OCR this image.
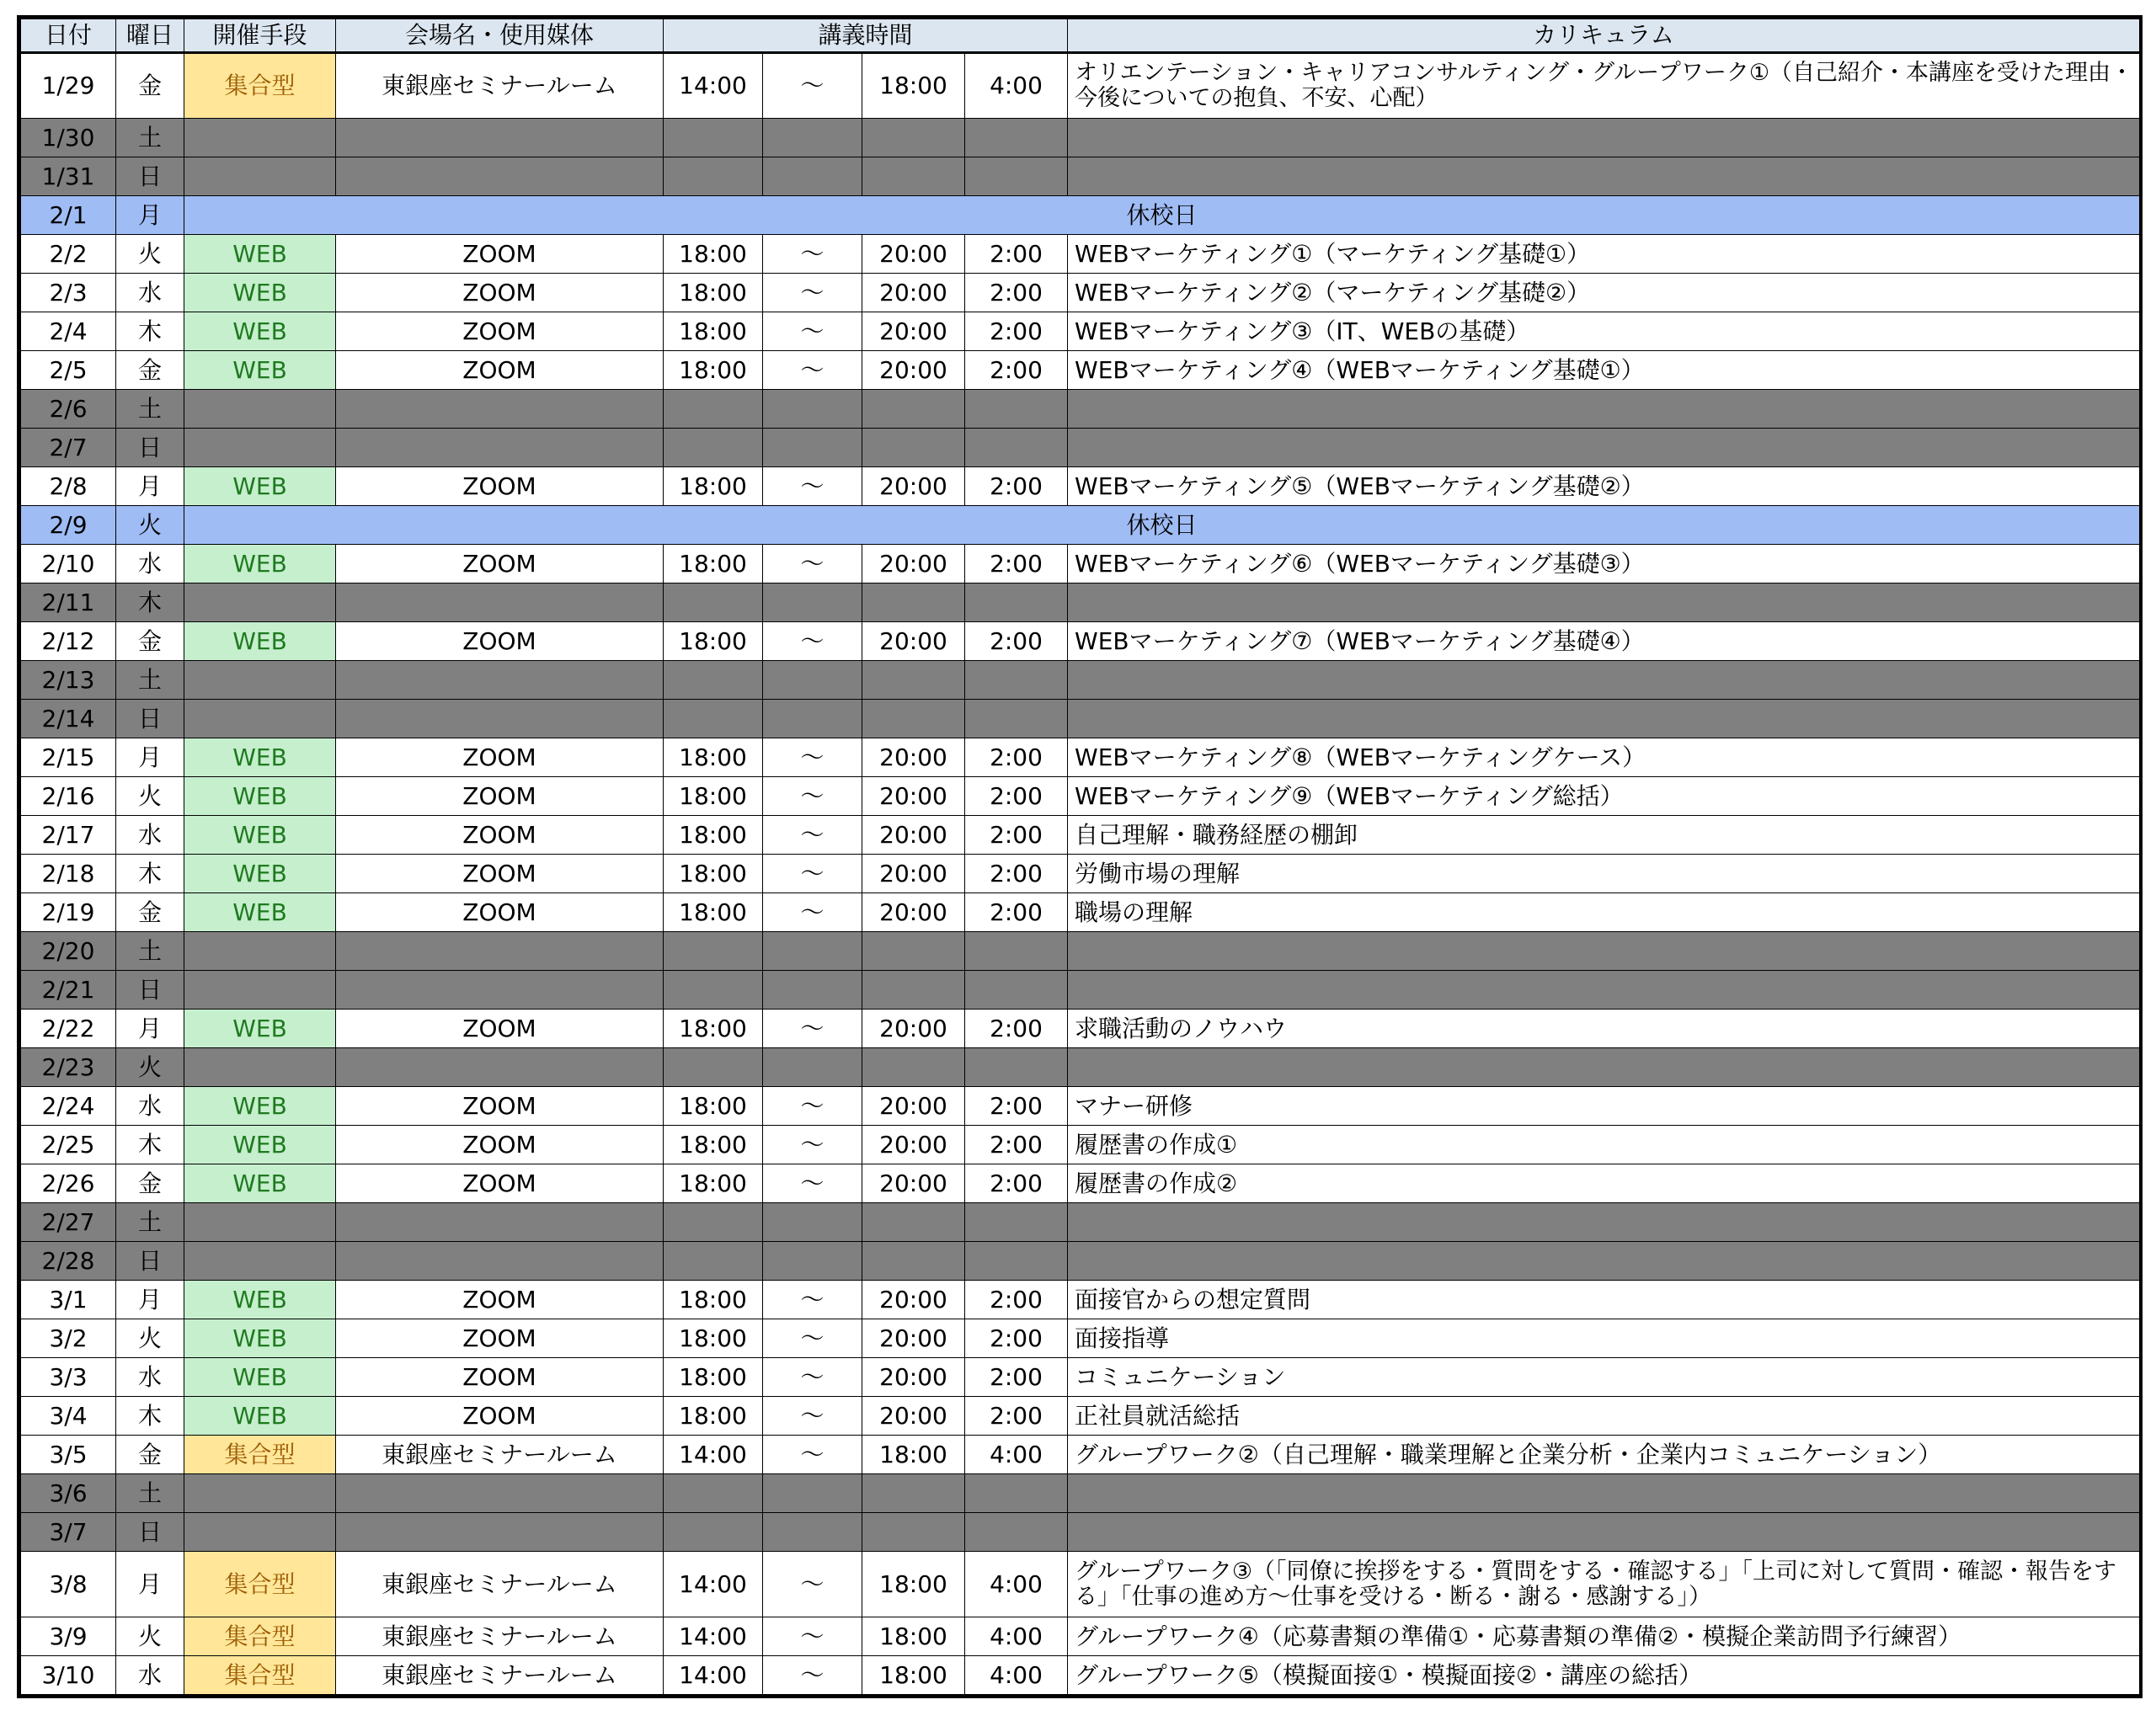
日付	曜日	開催手段	会場名・使用媒体	講義時間				カリキュラム
1/29	金	集合型	東銀座セミナールーム	14:00	～	18:00	4:00	オリエンテーション・キャリアコンサルティング・グループワーク①（自己紹介・本講座を受けた理由・今後についての抱負、不安、心配）
1/30	土							
1/31	日							
2/1	月	休校日						
2/2	火	WEB	ZOOM	18:00	～	20:00	2:00	WEBマーケティング①（マーケティング基礎①）
2/3	水	WEB	ZOOM	18:00	～	20:00	2:00	WEBマーケティング②（マーケティング基礎②）
2/4	木	WEB	ZOOM	18:00	～	20:00	2:00	WEBマーケティング③（IT、WEBの基礎）
2/5	金	WEB	ZOOM	18:00	～	20:00	2:00	WEBマーケティング④（WEBマーケティング基礎①）
2/6	土							
2/7	日							
2/8	月	WEB	ZOOM	18:00	～	20:00	2:00	WEBマーケティング⑤（WEBマーケティング基礎②）
2/9	火	休校日						
2/10	水	WEB	ZOOM	18:00	～	20:00	2:00	WEBマーケティング⑥（WEBマーケティング基礎③）
2/11	木							
2/12	金	WEB	ZOOM	18:00	～	20:00	2:00	WEBマーケティング⑦（WEBマーケティング基礎④）
2/13	土							
2/14	日							
2/15	月	WEB	ZOOM	18:00	～	20:00	2:00	WEBマーケティング⑧（WEBマーケティングケース）
2/16	火	WEB	ZOOM	18:00	～	20:00	2:00	WEBマーケティング⑨（WEBマーケティング総括）
2/17	水	WEB	ZOOM	18:00	～	20:00	2:00	自己理解・職務経歴の棚卸
2/18	木	WEB	ZOOM	18:00	～	20:00	2:00	労働市場の理解
2/19	金	WEB	ZOOM	18:00	～	20:00	2:00	職場の理解
2/20	土							
2/21	日							
2/22	月	WEB	ZOOM	18:00	～	20:00	2:00	求職活動のノウハウ
2/23	火							
2/24	水	WEB	ZOOM	18:00	～	20:00	2:00	マナー研修
2/25	木	WEB	ZOOM	18:00	～	20:00	2:00	履歴書の作成①
2/26	金	WEB	ZOOM	18:00	～	20:00	2:00	履歴書の作成②
2/27	土							
2/28	日							
3/1	月	WEB	ZOOM	18:00	～	20:00	2:00	面接官からの想定質問
3/2	火	WEB	ZOOM	18:00	～	20:00	2:00	面接指導
3/3	水	WEB	ZOOM	18:00	～	20:00	2:00	コミュニケーション
3/4	木	WEB	ZOOM	18:00	～	20:00	2:00	正社員就活総括
3/5	金	集合型	東銀座セミナールーム	14:00	～	18:00	4:00	グループワーク②（自己理解・職業理解と企業分析・企業内コミュニケーション）
3/6	土							
3/7	日							
3/8	月	集合型	東銀座セミナールーム	14:00	～	18:00	4:00	グループワーク③（「同僚に挨拶をする・質問をする・確認する」「上司に対して質問・確認・報告をする」「仕事の進め方～仕事を受ける・断る・謝る・感謝する」）
3/9	火	集合型	東銀座セミナールーム	14:00	～	18:00	4:00	グループワーク④（応募書類の準備①・応募書類の準備②・模擬企業訪問予行練習）
3/10	水	集合型	東銀座セミナールーム	14:00	～	18:00	4:00	グループワーク⑤（模擬面接①・模擬面接②・講座の総括）
